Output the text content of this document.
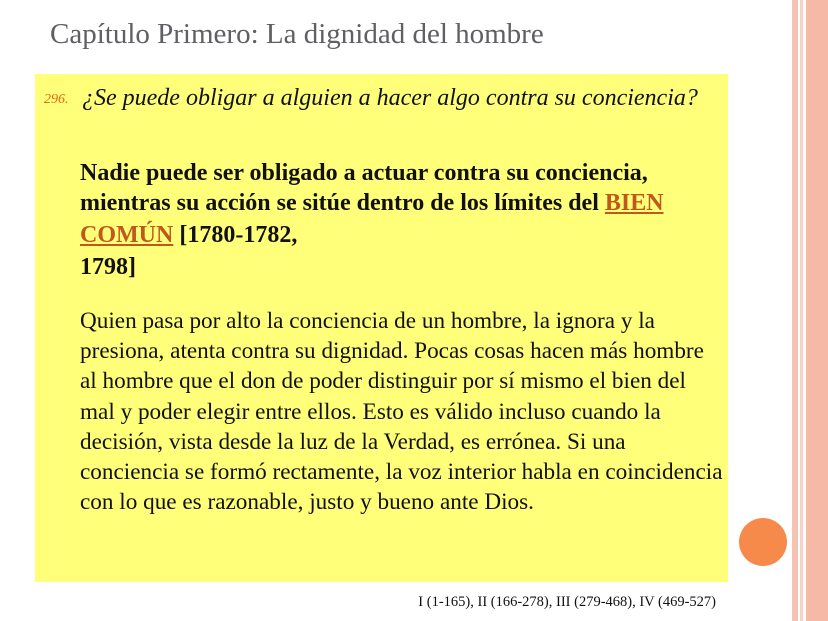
Capítulo Primero: La dignidad del hombre
296. ¿Se puede obligar a alguien a hacer algo contra su conciencia?
Nadie puede ser obligado a actuar contra su conciencia, mientras su acción se sitúe dentro de los límites del BIEN COMÚN [1780-1782,
1798]
Quien pasa por alto la conciencia de un hombre, la ignora y la presiona, atenta contra su dignidad. Pocas cosas hacen más hombre al hombre que el don de poder distinguir por sí mismo el bien del mal y poder elegir entre ellos. Esto es válido incluso cuando la decisión, vista desde la luz de la Verdad, es errónea. Si una conciencia se formó rectamente, la voz interior habla en coincidencia con lo que es razonable, justo y bueno ante Dios.
I (1-165), II (166-278), III (279-468), IV (469-527)
